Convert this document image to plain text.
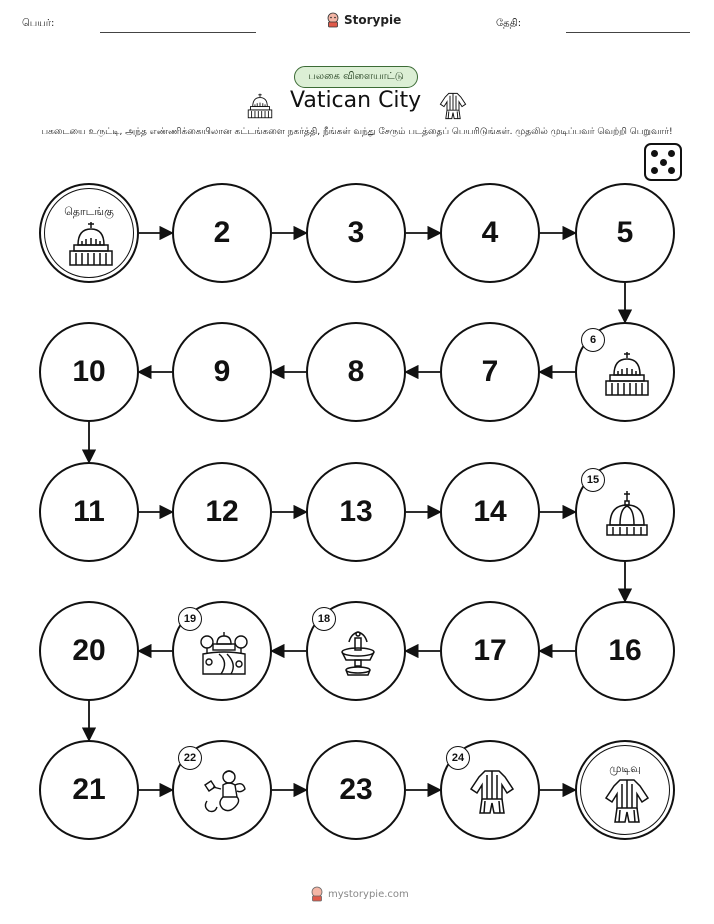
பெயர்:	Storypie	தேதி:
பலகை விளையாட்டு
Vatican City
பகடையை உருட்டி, அந்த எண்ணிக்கையிலான கட்டங்களை நகர்த்தி, நீங்கள் வந்து சேரும் படத்தைப் பெயரிடுங்கள். முதலில் முடிப்பவர் வெற்றி பெறுவார்!
தொடங்கு
2	3	4	5
6
7
8
9
10
11	12	13	14
15
16
17
18
19
20
21
22
23
24
முடிவு
mystorypie.com
